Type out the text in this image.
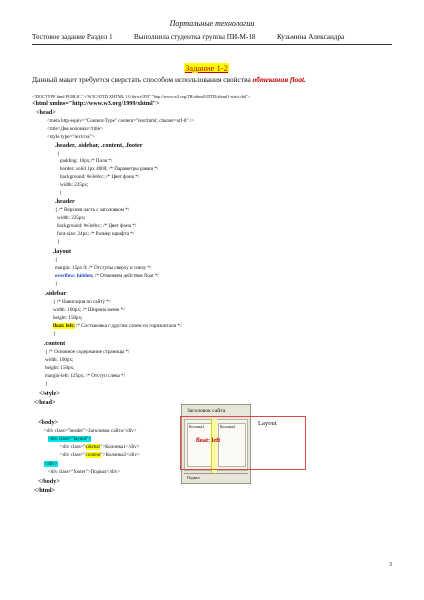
Портальные технологии
Тестовое задание Раздел 1	Выполнила студентка группы ПИ-М-18	Кузьмина Александра
Задание 1-2
Данный макет требуется сверстать способом использования свойства обтекания float.
<!DOCTYPE html PUBLIC "-//W3C//DTD XHTML 1.0 Strict//EN" "http://www.w3.org/TR/xhtml1/DTD/xhtml1-strict.dtd">
<html xmlns="http://www.w3.org/1999/xhtml">
<head>
<meta http-equiv="Content-Type" content="text/html; charset=utf-8" />
<title>Две колонки</title>
<style type="text/css">
.header, .sidebar, .content, .footer
{
padding: 10px;/* Поля */
border: solid 1px 4000; /* Параметры рамки */
background: #e3e8cc; /* Цвет фона */
width: 225px;
}
.header
{ /* Верхняя часть с заголовком */
width: 225px;
background: #e3e8cc; /* Цвет фона */
font-size: 24px; /* Размер шрифта */
}
.layout
{
margin: 15px 0; /* Отступы сверху и снизу */
overflow: hidden; /* Отменяем действие float */
}
.sidebar
{ /* Навигация по сайту */
width: 100px; /* Ширина меню */
height: 150px;
float: left; /* Состыковка с другим слоем по горизонтали */
}
.content
{ /* Основное содержание страницы */
width: 100px;
height: 150px;
margin-left: 125px; /* Отступ слева */
}
</style>
</head>
<body>
<div class="header">Заголовок сайта</div>
<div class="layout">
<div class="sidebar">Колонка1</div>
<div class="content">Колонка2</div>
</div>
<div class="footer">Подвал</div>
</body>
</html>
Заголовок сайта
Колонка1	Колонка2
Подвал
float: left
Layout
3
